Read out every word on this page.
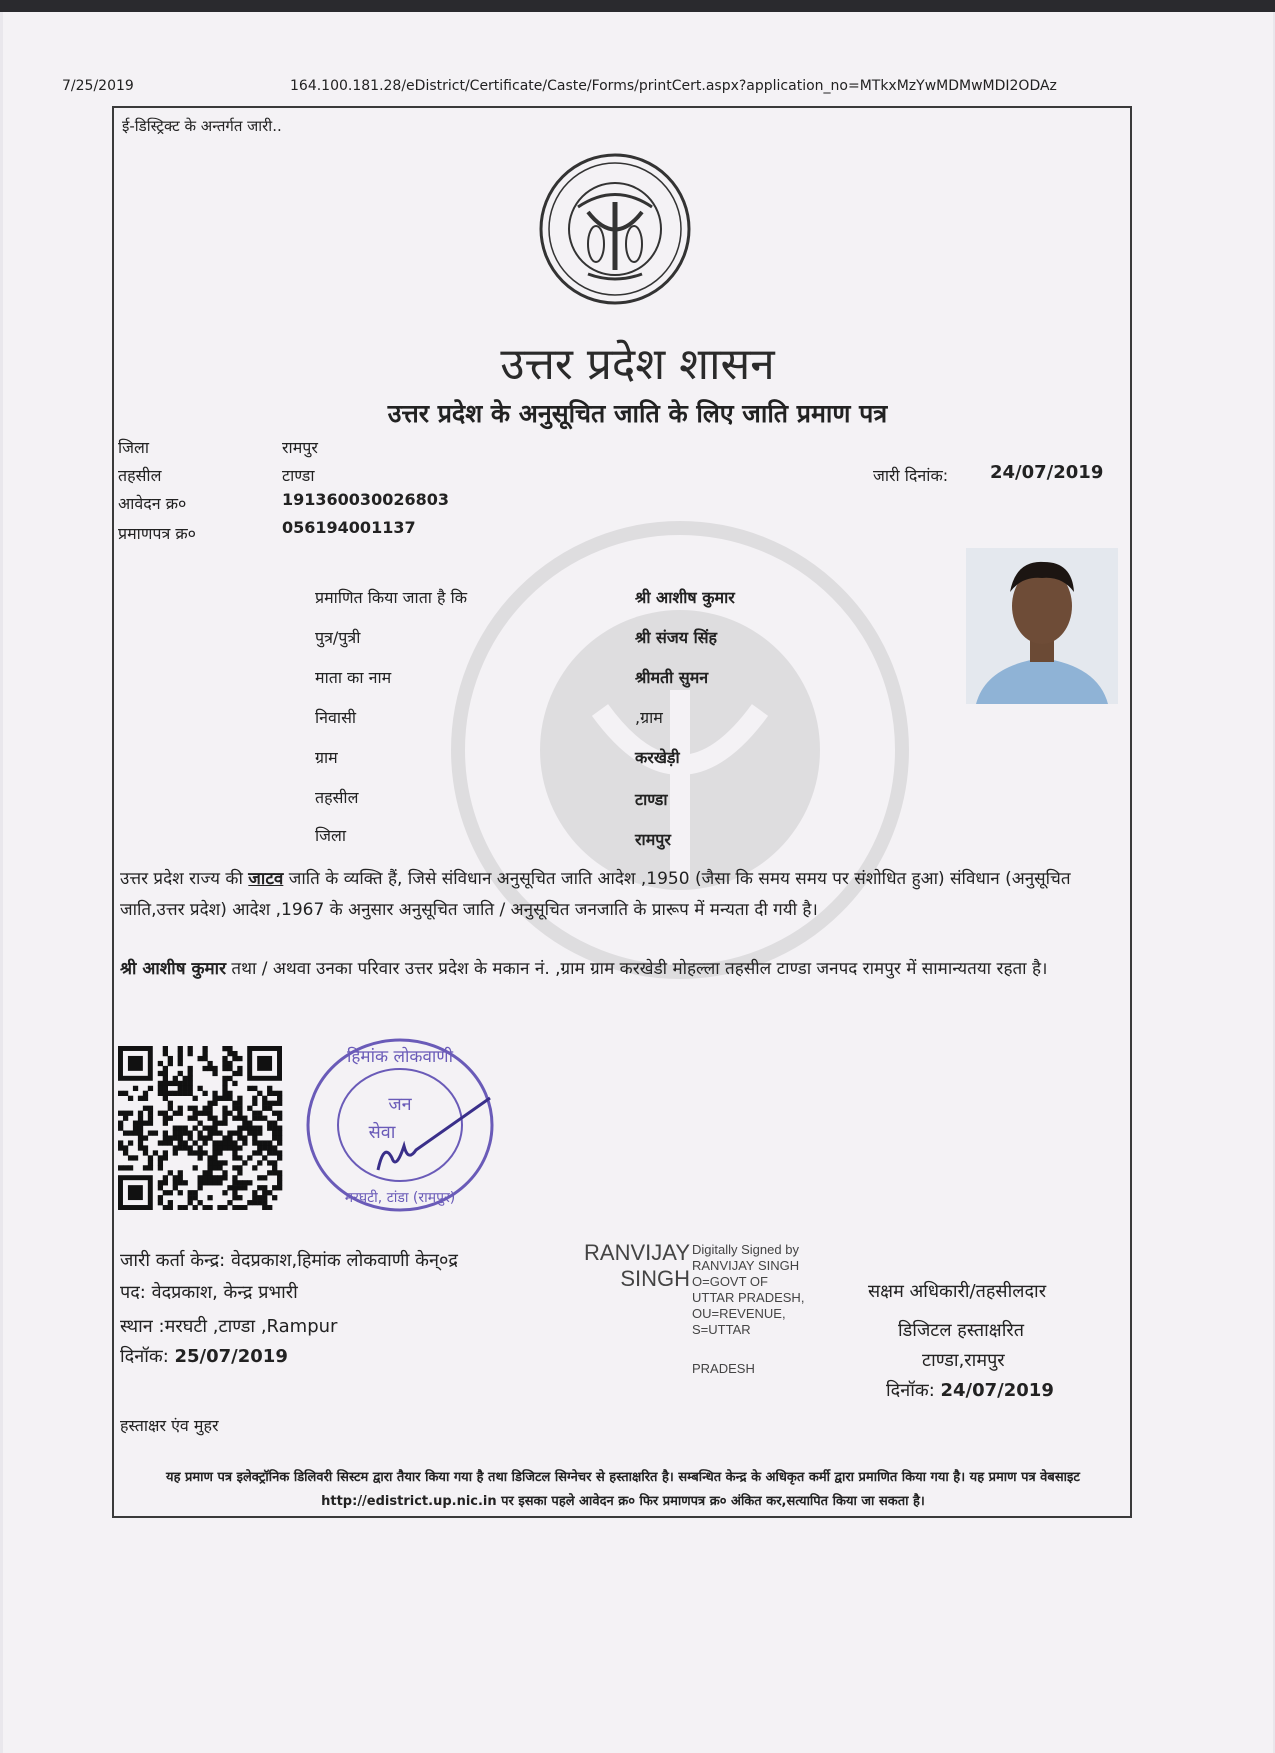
7/25/2019	164.100.181.28/eDistrict/Certificate/Caste/Forms/printCert.aspx?application_no=MTkxMzYwMDMwMDI2ODAz
ई-डिस्ट्रिक्ट के अन्तर्गत जारी..
उत्तर प्रदेश शासन
उत्तर प्रदेश के अनुसूचित जाति के लिए जाति प्रमाण पत्र
जिला	रामपुर
तहसील	टाण्डा
आवेदन क्र०	191360030026803
प्रमाणपत्र क्र०	056194001137
जारी दिनांक: 24/07/2019
प्रमाणित किया जाता है कि	श्री आशीष कुमार
पुत्र/पुत्री	श्री संजय सिंह
माता का नाम	श्रीमती सुमन
निवासी	,ग्राम
ग्राम	करखेड़ी
तहसील	टाण्डा
जिला	रामपुर
उत्तर प्रदेश राज्य की जाटव जाति के व्यक्ति हैं, जिसे संविधान अनुसूचित जाति आदेश ,1950 (जैसा कि समय समय पर संशोधित हुआ) संविधान (अनुसूचित जाति,उत्तर प्रदेश) आदेश ,1967 के अनुसार अनुसूचित जाति / अनुसूचित जनजाति के प्रारूप में मन्यता दी गयी है।
श्री आशीष कुमार तथा / अथवा उनका परिवार उत्तर प्रदेश के मकान नं. ,ग्राम ग्राम करखेडी मोहल्ला तहसील टाण्डा जनपद रामपुर में सामान्यतया रहता है।
हिमांक लोकवाणी
जन
सेवा
मरघटी, टांडा (रामपुर)
जारी कर्ता केन्द्र: वेदप्रकाश,हिमांक लोकवाणी केन्०द्र
पद: वेदप्रकाश, केन्द्र प्रभारी
स्थान :मरघटी ,टाण्डा ,Rampur
दिनॉक: 25/07/2019
हस्ताक्षर एंव मुहर
RANVIJAY
SINGH
Digitally Signed by
RANVIJAY SINGH
O=GOVT OF
UTTAR PRADESH,
OU=REVENUE,
S=UTTAR
PRADESH
सक्षम अधिकारी/तहसीलदार
डिजिटल हस्ताक्षरित
टाण्डा,रामपुर
दिनॉक: 24/07/2019
यह प्रमाण पत्र इलेक्ट्रॉनिक डिलिवरी सिस्टम द्वारा तैयार किया गया है तथा डिजिटल सिग्नेचर से हस्ताक्षरित है। सम्बन्धित केन्द्र के अधिकृत कर्मी द्वारा प्रमाणित किया गया है। यह प्रमाण पत्र वेबसाइट http://edistrict.up.nic.in पर इसका पहले आवेदन क्र० फिर प्रमाणपत्र क्र० अंकित कर,सत्यापित किया जा सकता है।
